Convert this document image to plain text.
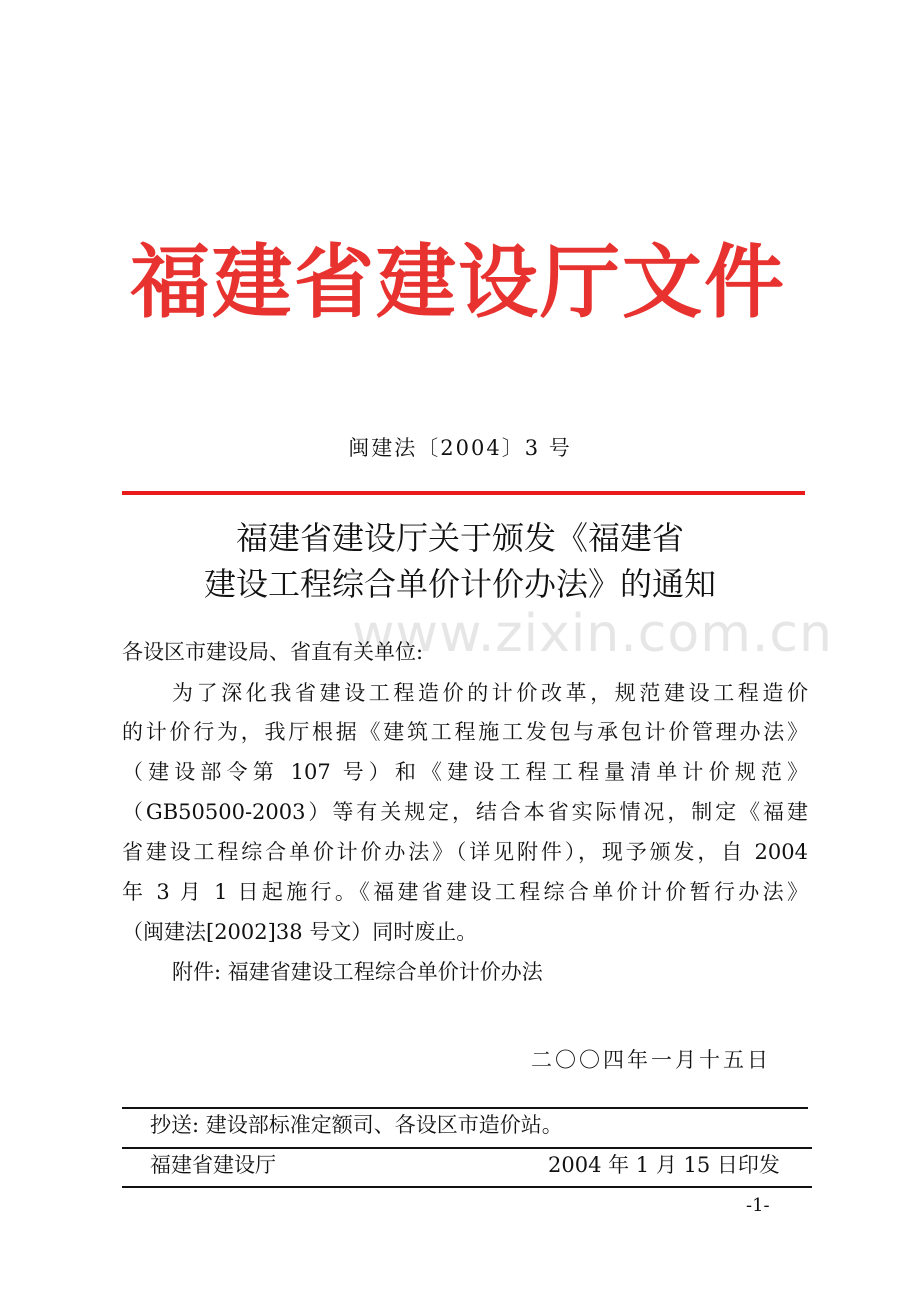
福建省建设厅文件
闽建法〔2004〕3 号
福建省建设厅关于颁发《福建省
建设工程综合单价计价办法》的通知
www.zixin.com.cn
各设区市建设局、省直有关单位:
为了深化我省建设工程造价的计价改革，规范建设工程造价
的计价行为，我厅根据《建筑工程施工发包与承包计价管理办法》
（建设部令第 107 号）和《建设工程工程量清单计价规范》
（GB50500-2003）等有关规定，结合本省实际情况，制定《福建
省建设工程综合单价计价办法》（详见附件），现予颁发，自 2004
年 3 月 1 日起施行。《福建省建设工程综合单价计价暂行办法》
（闽建法[2002]38 号文）同时废止。
附件: 福建省建设工程综合单价计价办法
二〇〇四年一月十五日
抄送: 建设部标准定额司、各设区市造价站。
福建省建设厅	2004 年 1 月 15 日印发
-1-
